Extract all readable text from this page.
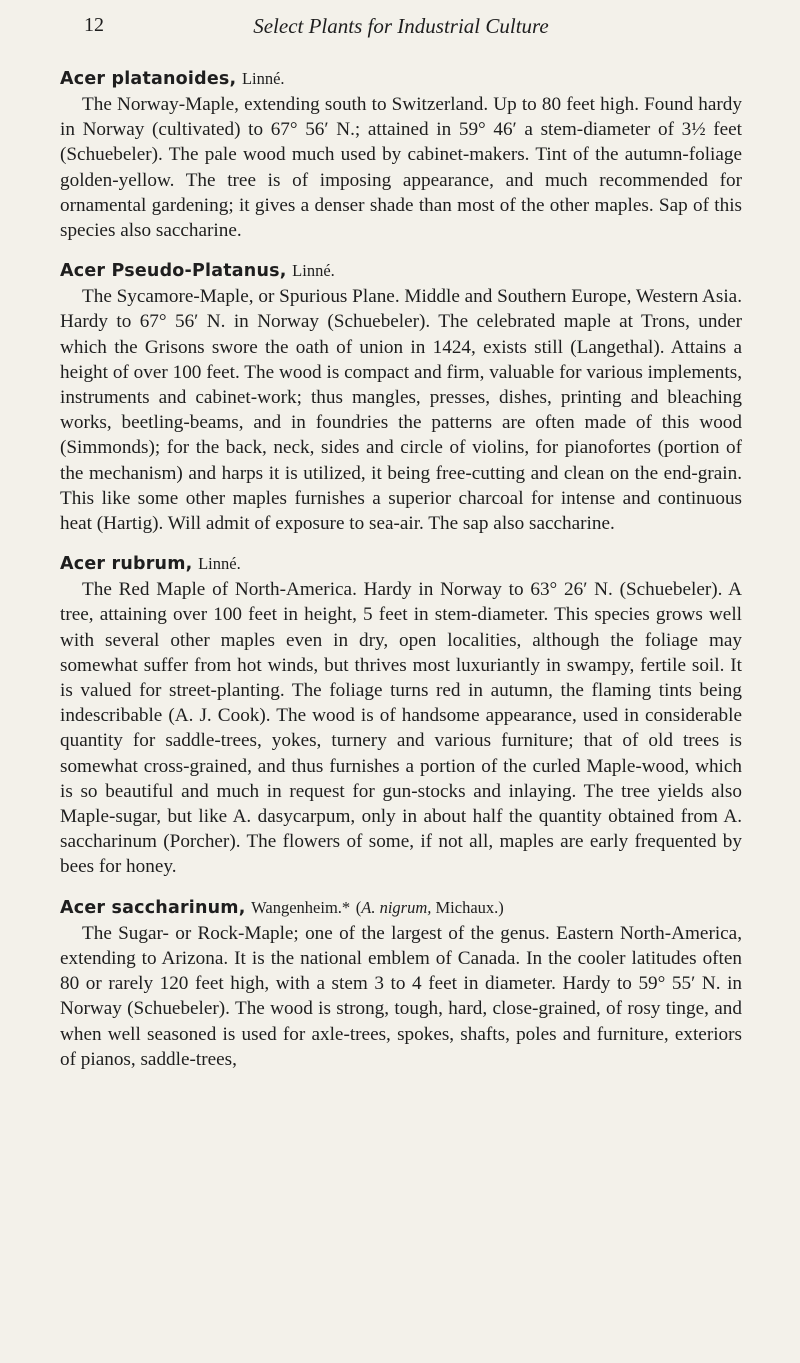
12	Select Plants for Industrial Culture

Acer platanoides, Linné.

The Norway-Maple, extending south to Switzerland. Up to 80 feet high. Found hardy in Norway (cultivated) to 67° 56′ N.; attained in 59° 46′ a stem-diameter of 3½ feet (Schuebeler). The pale wood much used by cabinet-makers. Tint of the autumn-foliage golden-yellow. The tree is of imposing appearance, and much recommended for ornamental gardening; it gives a denser shade than most of the other maples. Sap of this species also saccharine.

Acer Pseudo-Platanus, Linné.

The Sycamore-Maple, or Spurious Plane. Middle and Southern Europe, Western Asia. Hardy to 67° 56′ N. in Norway (Schuebeler). The celebrated maple at Trons, under which the Grisons swore the oath of union in 1424, exists still (Langethal). Attains a height of over 100 feet. The wood is compact and firm, valuable for various implements, instruments and cabinet-work; thus mangles, presses, dishes, printing and bleaching works, beetling-beams, and in foundries the patterns are often made of this wood (Simmonds); for the back, neck, sides and circle of violins, for pianofortes (portion of the mechanism) and harps it is utilized, it being free-cutting and clean on the end-grain. This like some other maples furnishes a superior charcoal for intense and continuous heat (Hartig). Will admit of exposure to sea-air. The sap also saccharine.

Acer rubrum, Linné.

The Red Maple of North-America. Hardy in Norway to 63° 26′ N. (Schuebeler). A tree, attaining over 100 feet in height, 5 feet in stem-diameter. This species grows well with several other maples even in dry, open localities, although the foliage may somewhat suffer from hot winds, but thrives most luxuriantly in swampy, fertile soil. It is valued for street-planting. The foliage turns red in autumn, the flaming tints being indescribable (A. J. Cook). The wood is of handsome appearance, used in considerable quantity for saddle-trees, yokes, turnery and various furniture; that of old trees is somewhat cross-grained, and thus furnishes a portion of the curled Maple-wood, which is so beautiful and much in request for gun-stocks and inlaying. The tree yields also Maple-sugar, but like A. dasycarpum, only in about half the quantity obtained from A. saccharinum (Porcher). The flowers of some, if not all, maples are early frequented by bees for honey.

Acer saccharinum, Wangenheim.* (A. nigrum, Michaux.)

The Sugar- or Rock-Maple; one of the largest of the genus. Eastern North-America, extending to Arizona. It is the national emblem of Canada. In the cooler latitudes often 80 or rarely 120 feet high, with a stem 3 to 4 feet in diameter. Hardy to 59° 55′ N. in Norway (Schuebeler). The wood is strong, tough, hard, close-grained, of rosy tinge, and when well seasoned is used for axle-trees, spokes, shafts, poles and furniture, exteriors of pianos, saddle-trees,
